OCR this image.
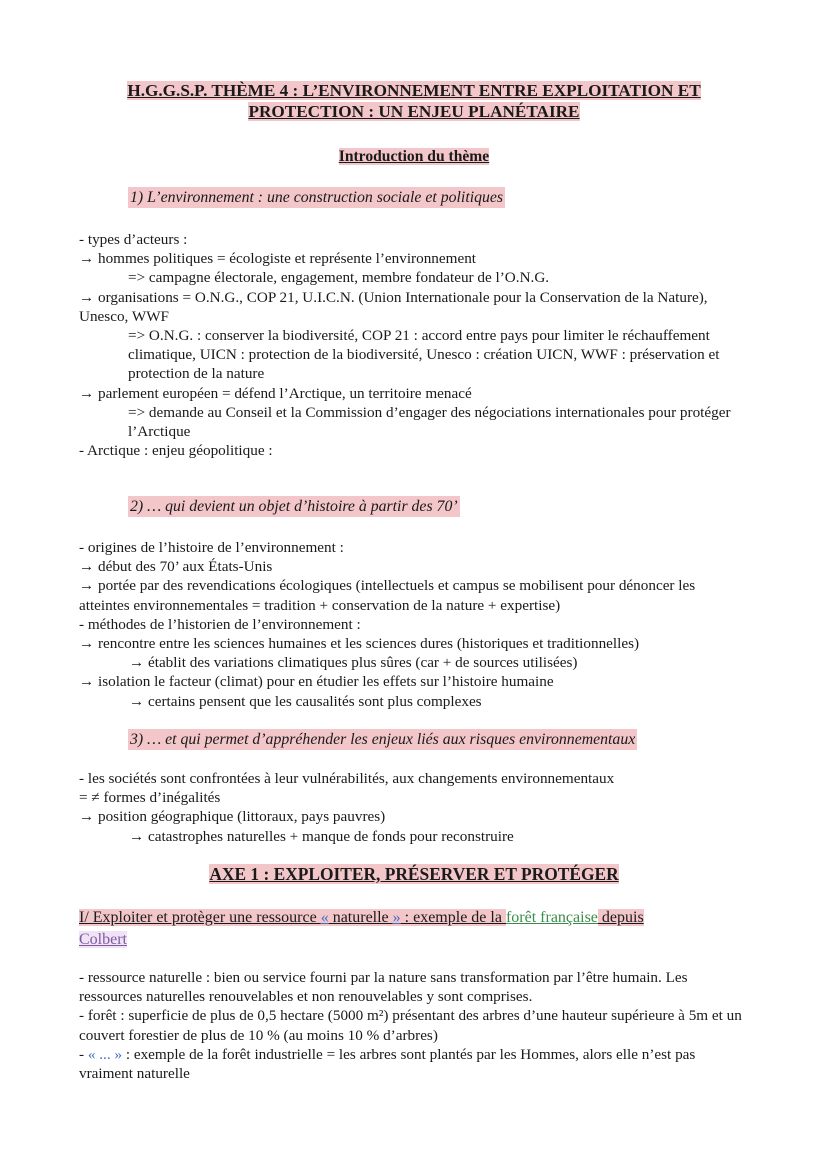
H.G.G.S.P. THÈME 4 : L’ENVIRONNEMENT ENTRE EXPLOITATION ET
PROTECTION : UN ENJEU PLANÉTAIRE
Introduction du thème
1) L’environnement : une construction sociale et politiques
- types d’acteurs :
→ hommes politiques = écologiste et représente l’environnement
=> campagne électorale, engagement, membre fondateur de l’O.N.G.
→ organisations = O.N.G., COP 21, U.I.C.N. (Union Internationale pour la Conservation de la Nature), Unesco, WWF
=> O.N.G. : conserver la biodiversité, COP 21 : accord entre pays pour limiter le réchauffement climatique, UICN : protection de la biodiversité, Unesco : création UICN, WWF : préservation et protection de la nature
→ parlement européen = défend l’Arctique, un territoire menacé
=> demande au Conseil et la Commission d’engager des négociations internationales pour protéger l’Arctique
- Arctique : enjeu géopolitique :
2) … qui devient un objet d’histoire à partir des 70’
- origines de l’histoire de l’environnement :
→ début des 70’ aux États-Unis
→ portée par des revendications écologiques (intellectuels et campus se mobilisent pour dénoncer les atteintes environnementales = tradition + conservation de la nature + expertise)
- méthodes de l’historien de l’environnement :
→ rencontre entre les sciences humaines et les sciences dures (historiques et traditionnelles)
→ établit des variations climatiques plus sûres (car + de sources utilisées)
→ isolation le facteur (climat) pour en étudier les effets sur l’histoire humaine
→ certains pensent que les causalités sont plus complexes
3) … et qui permet d’appréhender les enjeux liés aux risques environnementaux
- les sociétés sont confrontées à leur vulnérabilités, aux changements environnementaux
= ≠ formes d’inégalités
→ position géographique (littoraux, pays pauvres)
→ catastrophes naturelles + manque de fonds pour reconstruire
AXE 1 : EXPLOITER, PRÉSERVER ET PROTÉGER
I/ Exploiter et protèger une ressource « naturelle » : exemple de la forêt française depuis
Colbert
- ressource naturelle : bien ou service fourni par la nature sans transformation par l’être humain. Les ressources naturelles renouvelables et non renouvelables y sont comprises.
- forêt : superficie de plus de 0,5 hectare (5000 m²) présentant des arbres d’une hauteur supérieure à 5m et un couvert forestier de plus de 10 % (au moins 10 % d’arbres)
- « ... » : exemple de la forêt industrielle = les arbres sont plantés par les Hommes, alors elle n’est pas vraiment naturelle
